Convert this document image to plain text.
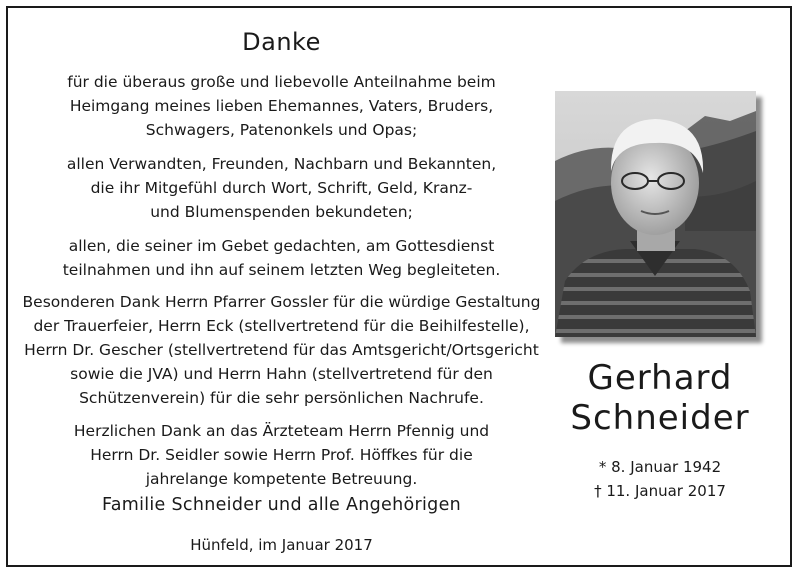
Danke
für die überaus große und liebevolle Anteilnahme beim
Heimgang meines lieben Ehemannes, Vaters, Bruders,
Schwagers, Patenonkels und Opas;
allen Verwandten, Freunden, Nachbarn und Bekannten,
die ihr Mitgefühl durch Wort, Schrift, Geld, Kranz-
und Blumenspenden bekundeten;
allen, die seiner im Gebet gedachten, am Gottesdienst
teilnahmen und ihn auf seinem letzten Weg begleiteten.
Besonderen Dank Herrn Pfarrer Gossler für die würdige Gestaltung
der Trauerfeier, Herrn Eck (stellvertretend für die Beihilfestelle),
Herrn Dr. Gescher (stellvertretend für das Amtsgericht/Ortsgericht
sowie die JVA) und Herrn Hahn (stellvertretend für den
Schützenverein) für die sehr persönlichen Nachrufe.
Herzlichen Dank an das Ärzteteam Herrn Pfennig und
Herrn Dr. Seidler sowie Herrn Prof. Höffkes für die
jahrelange kompetente Betreuung.
Familie Schneider und alle Angehörigen
Hünfeld, im Januar 2017
Gerhard
Schneider
* 8. Januar 1942
† 11. Januar 2017
